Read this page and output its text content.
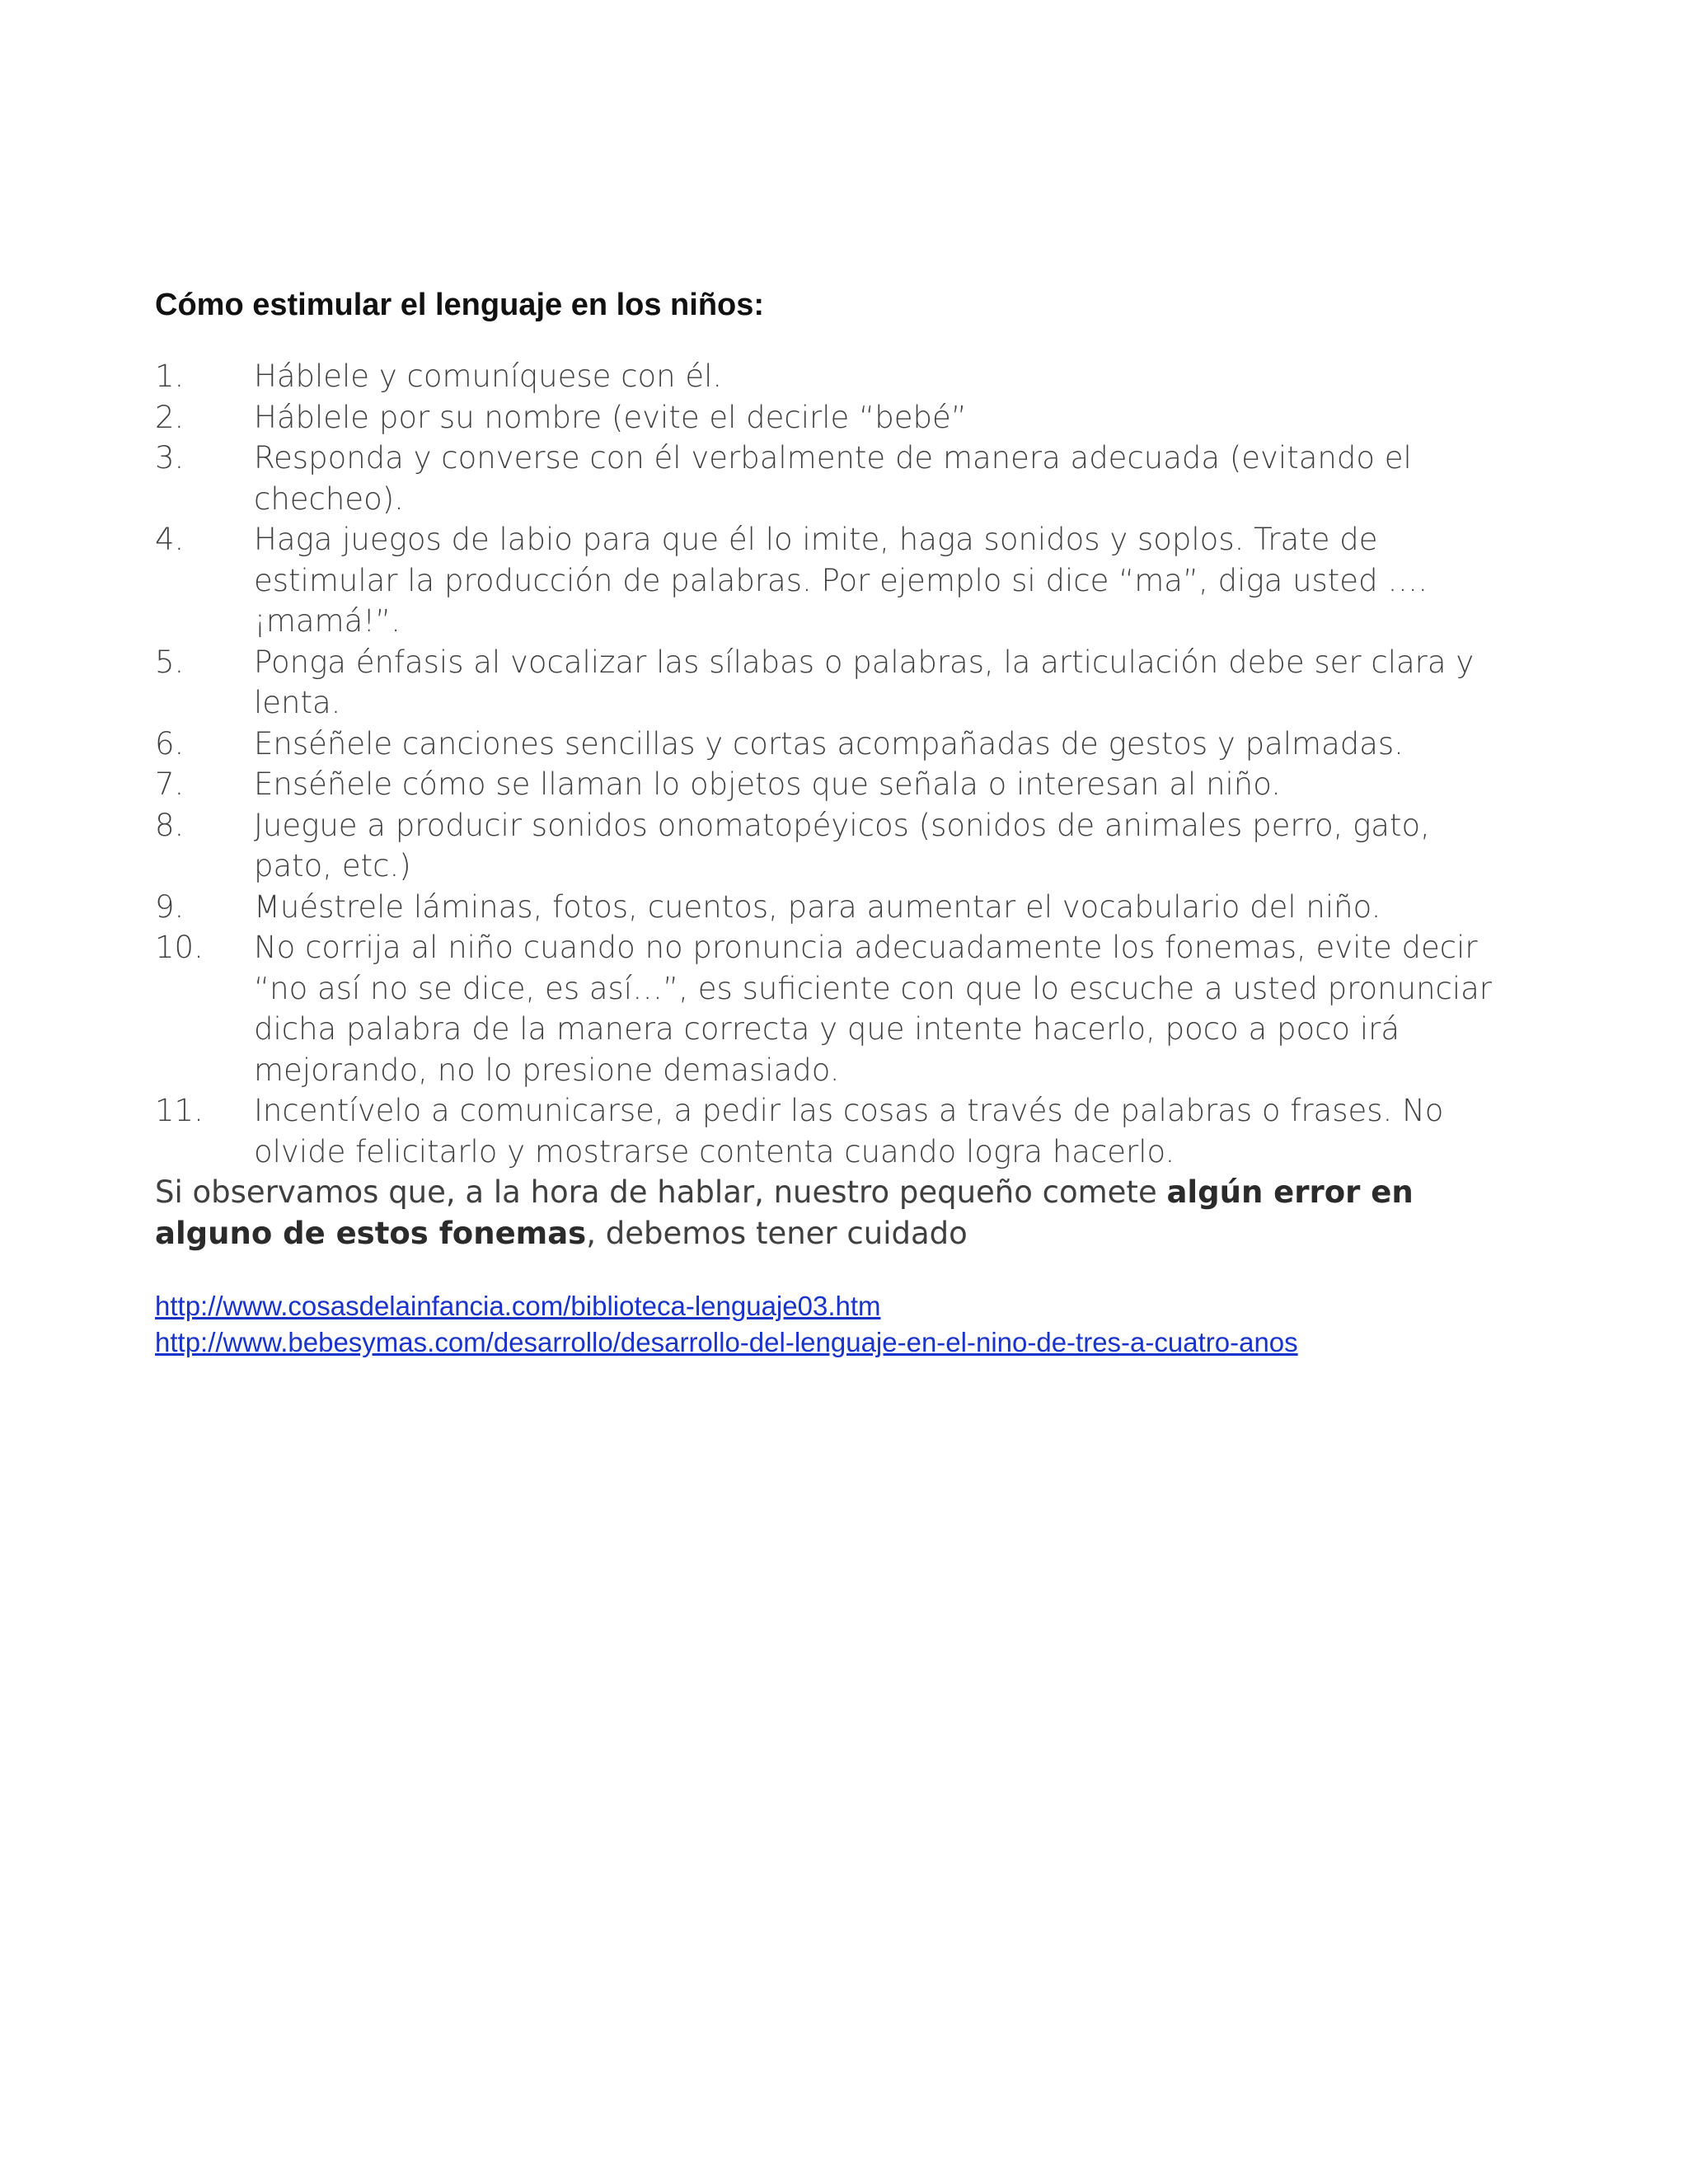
Cómo estimular el lenguaje en los niños:
1.	Háblele y comuníquese con él.
2.	Háblele por su nombre (evite el decirle “bebé”
3.	Responda y converse con él verbalmente de manera adecuada (evitando el checheo).
4.	Haga juegos de labio para que él lo imite, haga sonidos y soplos. Trate de estimular la producción de palabras. Por ejemplo si dice “ma”, diga usted …. ¡mamá!”.
5.	Ponga énfasis al vocalizar las sílabas o palabras, la articulación debe ser clara y lenta.
6.	Enséñele canciones sencillas y cortas acompañadas de gestos y palmadas.
7.	Enséñele cómo se llaman lo objetos que señala o interesan al niño.
8.	Juegue a producir sonidos onomatopéyicos (sonidos de animales perro, gato, pato, etc.)
9.	Muéstrele láminas, fotos, cuentos, para aumentar el vocabulario del niño.
10.	No corrija al niño cuando no pronuncia adecuadamente los fonemas, evite decir “no así no se dice, es así…”, es suficiente con que lo escuche a usted pronunciar dicha palabra de la manera correcta y que intente hacerlo, poco a poco irá mejorando, no lo presione demasiado.
11.	Incentívelo a comunicarse, a pedir las cosas a través de palabras o frases. No olvide felicitarlo y mostrarse contenta cuando logra hacerlo.

Si observamos que, a la hora de hablar, nuestro pequeño comete algún error en alguno de estos fonemas, debemos tener cuidado

http://www.cosasdelainfancia.com/biblioteca-lenguaje03.htm
http://www.bebesymas.com/desarrollo/desarrollo-del-lenguaje-en-el-nino-de-tres-a-cuatro-anos
